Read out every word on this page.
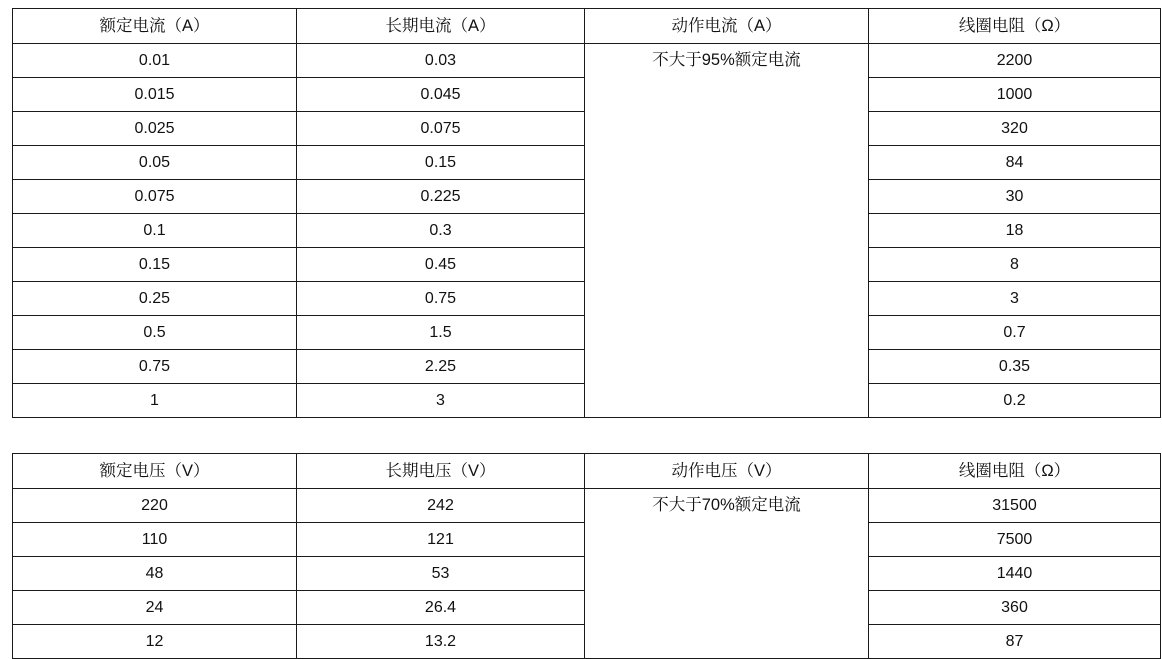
额定电流（A）	长期电流（A）	动作电流（A）	线圈电阻（Ω）
0.01	0.03	不大于95%额定电流	2200
0.015	0.045		1000
0.025	0.075		320
0.05	0.15		84
0.075	0.225		30
0.1	0.3		18
0.15	0.45		8
0.25	0.75		3
0.5	1.5		0.7
0.75	2.25		0.35
1	3		0.2
额定电压（V）	长期电压（V）	动作电压（V）	线圈电阻（Ω）
220	242	不大于70%额定电流	31500
110	121		7500
48	53		1440
24	26.4		360
12	13.2		87
